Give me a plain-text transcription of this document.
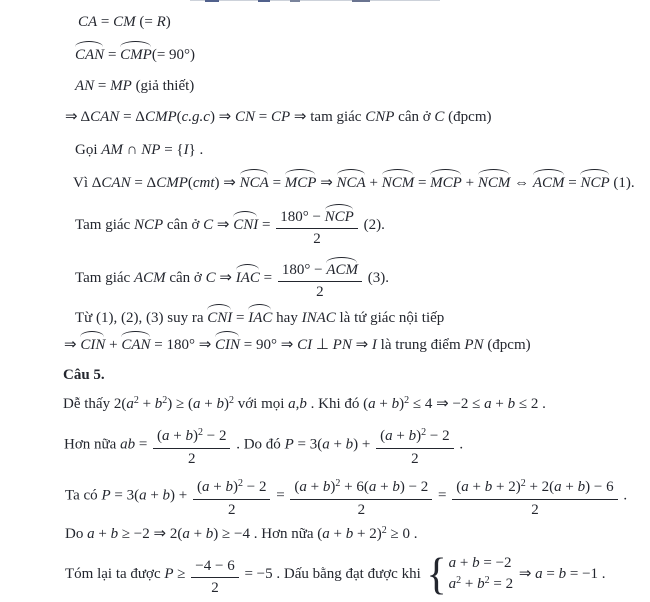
CA = CM (= R)
CAN = CMP(= 90°)
AN = MP (giả thiết)
⇒ ΔCAN = ΔCMP(c.g.c) ⇒ CN = CP ⇒ tam giác CNP cân ở C (đpcm)
Gọi AM ∩ NP = {I} .
Vì ΔCAN = ΔCMP(cmt) ⇒ NCA = MCP ⇒ NCA + NCM = MCP + NCM ⇔ ACM = NCP (1).
Tam giác NCP cân ở C ⇒ CNI = $\frac{\text{180° − NCP}}{2} (2)$.
Tam giác ACM cân ở C ⇒ IAC = $\frac{\text{180° − ACM}}{2} (3)$.
Từ (1), (2), (3) suy ra CNI = IAC hay INAC là tứ giác nội tiếp
⇒ CIN + CAN = 180° ⇒ CIN = 90° ⇒ CI ⊥ PN ⇒ I là trung điểm PN (đpcm)
Câu 5.
Dễ thấy $2(a^2 + b^2) \ge (a + b)^2$ với mọi a,b . Khi đó $(a + b)^2 \le 4$ ⇒ −2 ≤ a + b ≤ 2 .
Hơn nữa ab = $\frac{(a + b)^2 - 2}{2}$ . Do đó $P = 3(a + b) + \frac{(a + b)^2 - 2}{2}$ .
Ta có $P = 3(a + b) + \frac{(a + b)^2 - 2}{2} = \frac{(a + b)^2 + 6(a + b) - 2}{2} = \frac{(a + b + 2)^2 + 2(a + b) - 6}{2}$ .
Do a + b ≥ −2 ⇒ 2(a + b) ≥ −4 . Hơn nữa $(a + b + 2)^2 \ge 0$ .
Tóm lại ta được $P \ge \frac{-4 - 6}{2} = -5$ . Dấu bằng đạt được khi { a + b = −2
$a^2 + b^2 = 2$
⇒ a = b = −1 .
